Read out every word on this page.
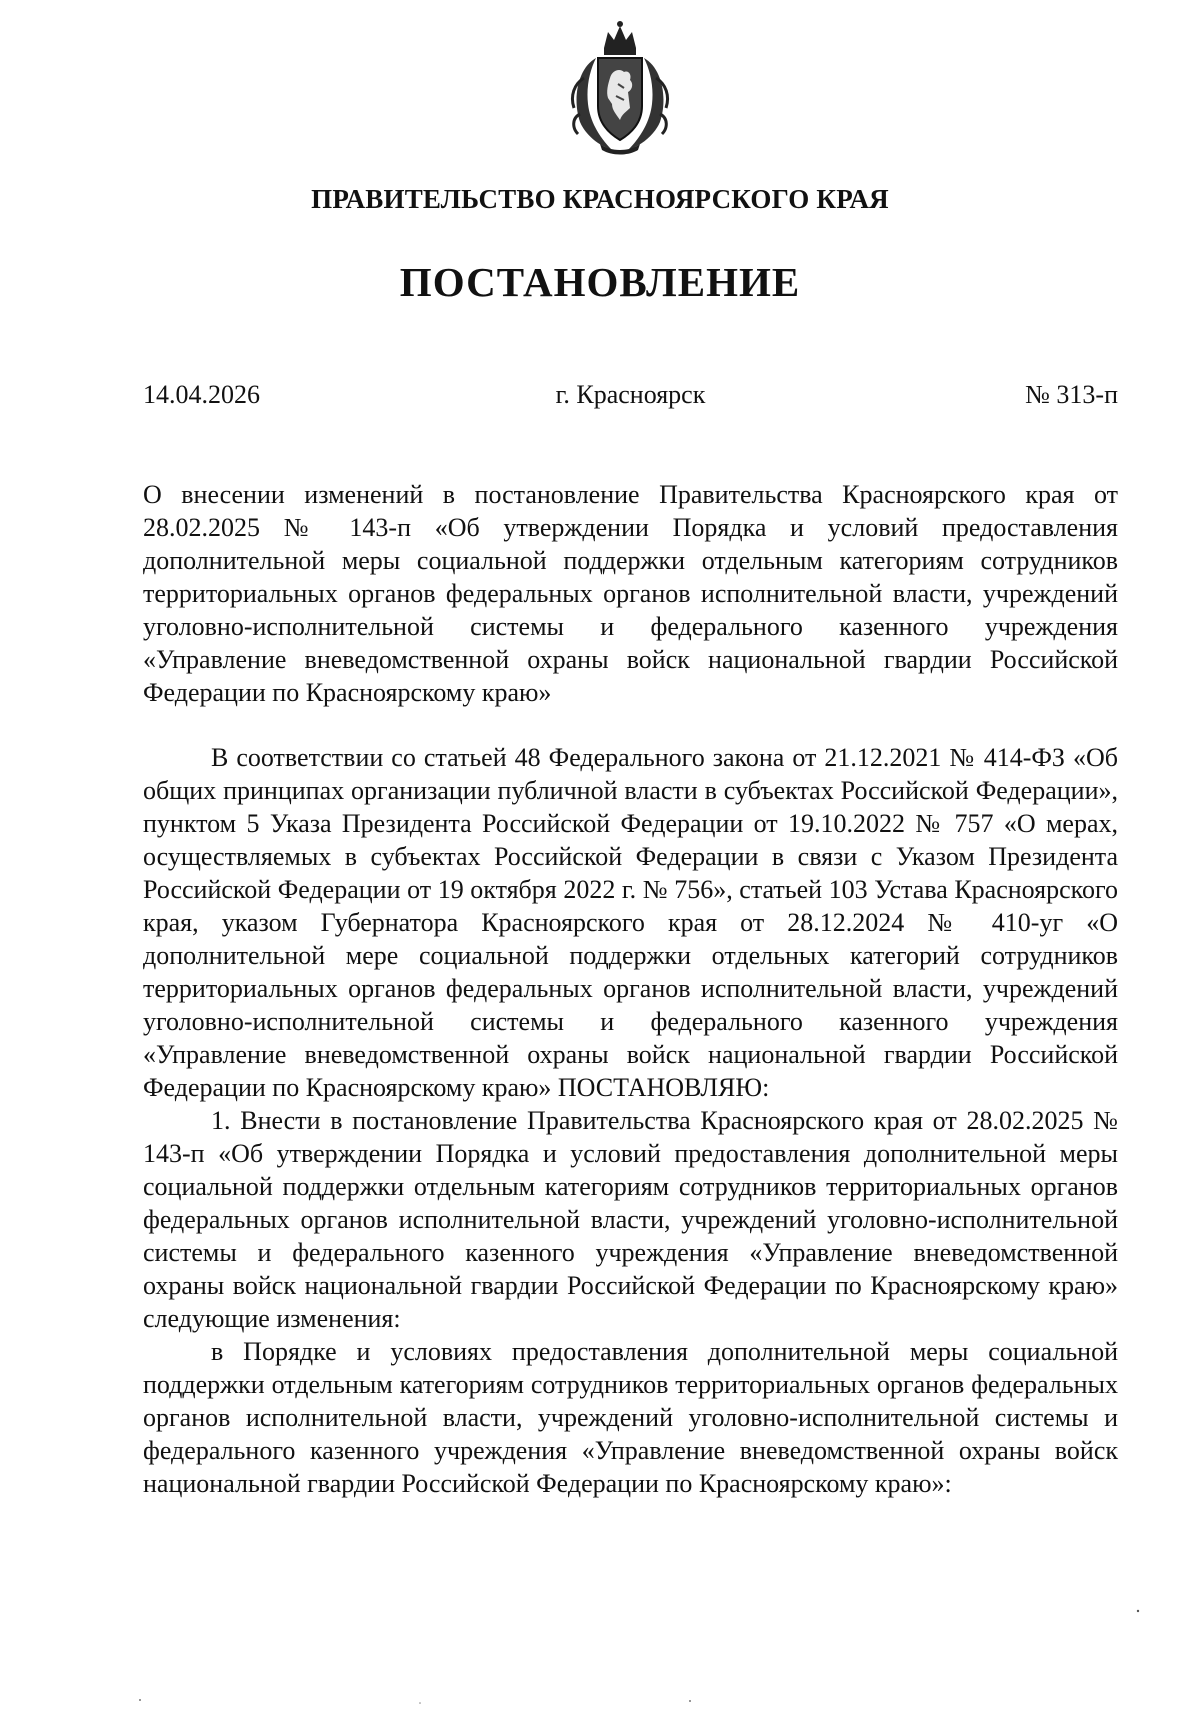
ПРАВИТЕЛЬСТВО КРАСНОЯРСКОГО КРАЯ
ПОСТАНОВЛЕНИЕ
14.04.2026	г. Красноярск	№ 313-п

О внесении изменений в постановление Правительства Красноярского края от 28.02.2025 № 143-п «Об утверждении Порядка и условий предоставления дополнительной меры социальной поддержки отдельным категориям сотрудников территориальных органов федеральных органов исполнительной власти, учреждений уголовно-исполнительной системы и федерального казенного учреждения «Управление вневедомственной охраны войск национальной гвардии Российской Федерации по Красноярскому краю»

В соответствии со статьей 48 Федерального закона от 21.12.2021 № 414-ФЗ «Об общих принципах организации публичной власти в субъектах Российской Федерации», пунктом 5 Указа Президента Российской Федерации от 19.10.2022 № 757 «О мерах, осуществляемых в субъектах Российской Федерации в связи с Указом Президента Российской Федерации от 19 октября 2022 г. № 756», статьей 103 Устава Красноярского края, указом Губернатора Красноярского края от 28.12.2024 № 410-уг «О дополнительной мере социальной поддержки отдельных категорий сотрудников территориальных органов федеральных органов исполнительной власти, учреждений уголовно-исполнительной системы и федерального казенного учреждения «Управление вневедомственной охраны войск национальной гвардии Российской Федерации по Красноярскому краю» ПОСТАНОВЛЯЮ:

1. Внести в постановление Правительства Красноярского края от 28.02.2025 № 143-п «Об утверждении Порядка и условий предоставления дополнительной меры социальной поддержки отдельным категориям сотрудников территориальных органов федеральных органов исполнительной власти, учреждений уголовно-исполнительной системы и федерального казенного учреждения «Управление вневедомственной охраны войск национальной гвардии Российской Федерации по Красноярскому краю» следующие изменения:

в Порядке и условиях предоставления дополнительной меры социальной поддержки отдельным категориям сотрудников территориальных органов федеральных органов исполнительной власти, учреждений уголовно-исполнительной системы и федерального казенного учреждения «Управление вневедомственной охраны войск национальной гвардии Российской Федерации по Красноярскому краю»:
